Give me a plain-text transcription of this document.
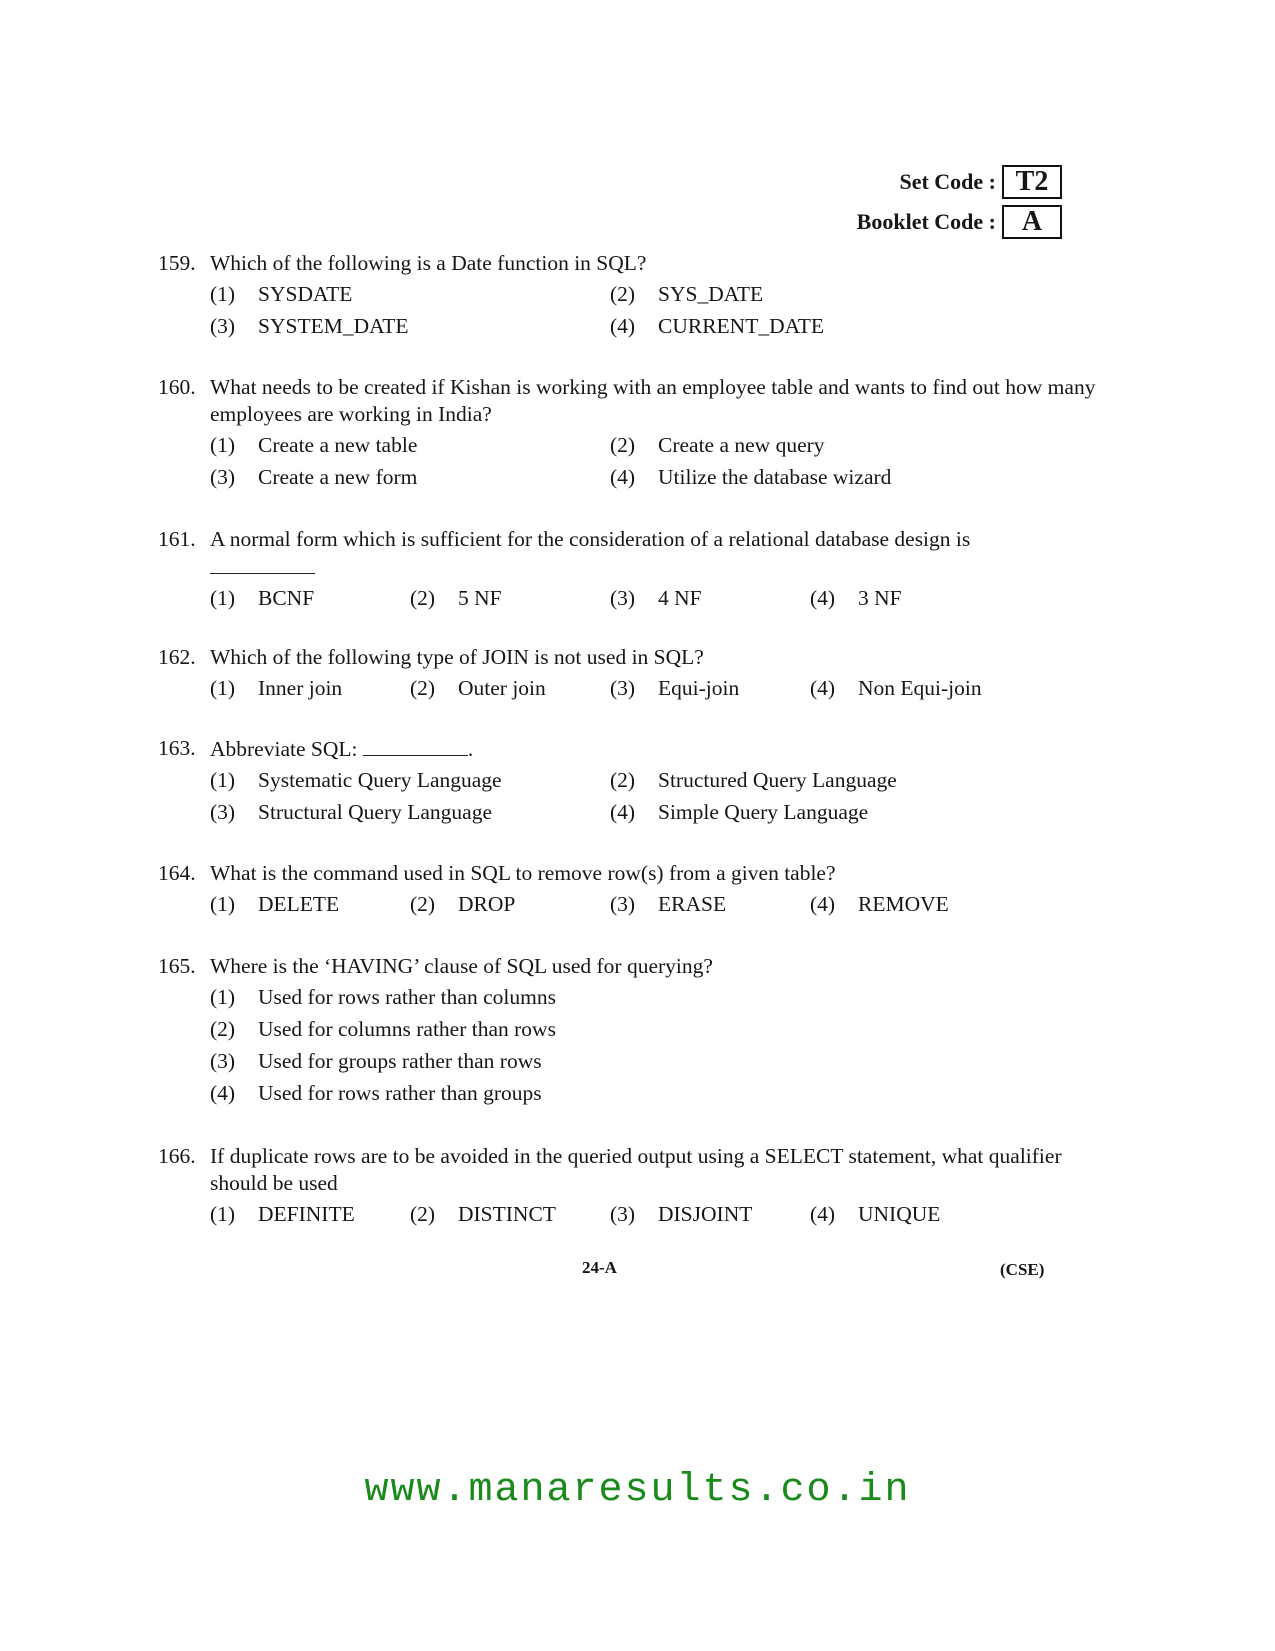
Set Code : T2
Booklet Code : A
159. Which of the following is a Date function in SQL?
(1)	SYSDATE	(2)	SYS_DATE
(3)	SYSTEM_DATE	(4)	CURRENT_DATE
160. What needs to be created if Kishan is working with an employee table and wants to find out how many employees are working in India?
(1)	Create a new table	(2)	Create a new query
(3)	Create a new form	(4)	Utilize the database wizard
161. A normal form which is sufficient for the consideration of a relational database design is

(1)	BCNF	(2)	5 NF	(3)	4 NF	(4)	3 NF
162. Which of the following type of JOIN is not used in SQL?
(1)	Inner join	(2)	Outer join	(3)	Equi-join	(4)	Non Equi-join
163. Abbreviate SQL:	.
(1)	Systematic Query Language	(2)	Structured Query Language
(3)	Structural Query Language	(4)	Simple Query Language
164. What is the command used in SQL to remove row(s) from a given table?
(1)	DELETE	(2)	DROP	(3)	ERASE	(4)	REMOVE
165. Where is the ‘HAVING’ clause of SQL used for querying?
(1)	Used for rows rather than columns
(2)	Used for columns rather than rows
(3)	Used for groups rather than rows
(4)	Used for rows rather than groups
166. If duplicate rows are to be avoided in the queried output using a SELECT statement, what qualifier should be used
(1)	DEFINITE	(2)	DISTINCT	(3)	DISJOINT	(4)	UNIQUE
24-A	(CSE)
www.manaresults.co.in
